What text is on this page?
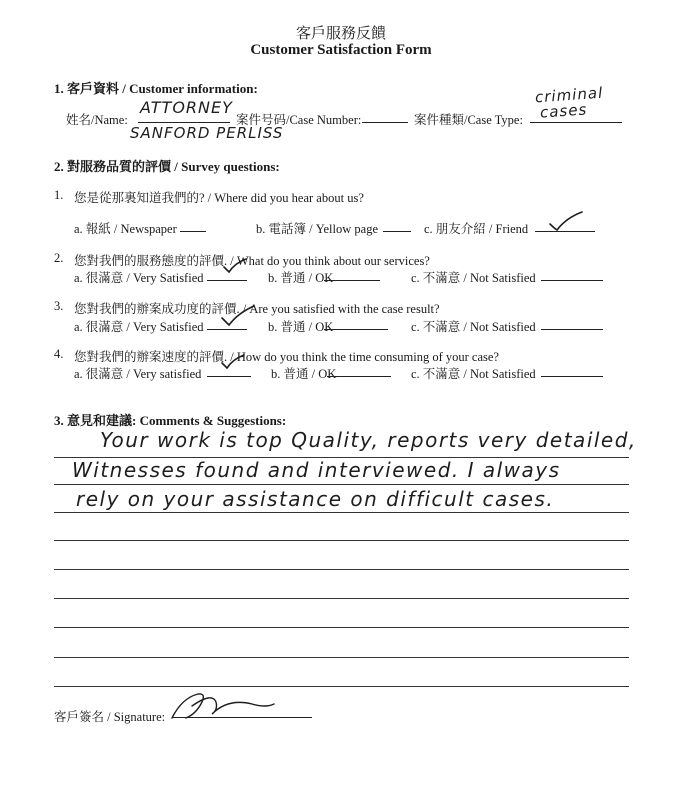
客戶服務反饋
Customer Satisfaction Form
1. 客戶資料 / Customer information:
姓名/Name:
ATTORNEY
SANFORD PERLISS
案件号码/Case Number:	案件種類/Case Type:
criminal
cases
2. 對服務品質的評價 / Survey questions:
1. 您是從那裏知道我們的? / Where did you hear about us?
a. 報紙 / Newspaper	b. 電話簿 / Yellow page	c. 朋友介紹 / Friend
2. 您對我們的服務態度的評價. / What do you think about our services?
a. 很滿意 / Very Satisfied	b. 普通 / OK	c. 不滿意 / Not Satisfied
3. 您對我們的辦案成功度的評價. / Are you satisfied with the case result?
a. 很滿意 / Very Satisfied	b. 普通 / OK	c. 不滿意 / Not Satisfied
4. 您對我們的辦案速度的評價. / How do you think the time consuming of your case?
a. 很滿意 / Very satisfied	b. 普通 / OK	c. 不滿意 / Not Satisfied
3. 意見和建議: Comments & Suggestions:
Your work is top Quality, reports very detailed,
Witnesses found and interviewed. I always
rely on your assistance on difficult cases.
客戶簽名 / Signature:
